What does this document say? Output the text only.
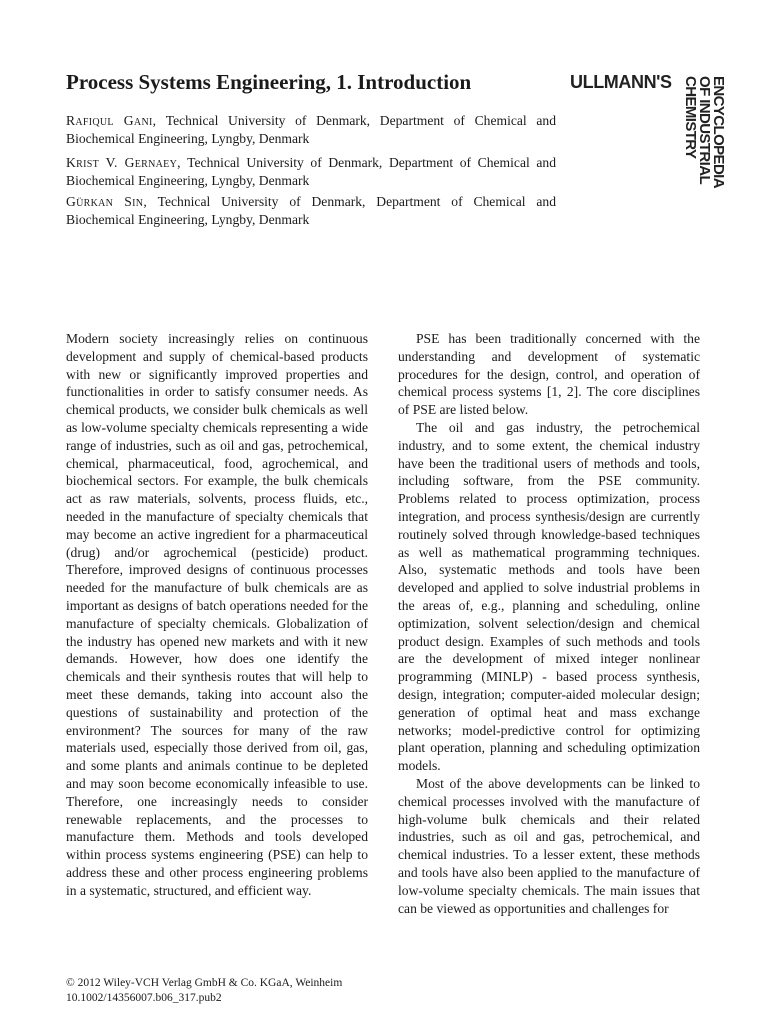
Process Systems Engineering, 1. Introduction	ULLMANN'S	ENCYCLOPEDIA
OF INDUSTRIAL
CHEMISTRY

Rafiqul Gani, Technical University of Denmark, Department of Chemical and Biochemical Engineering, Lyngby, Denmark

Krist V. Gernaey, Technical University of Denmark, Department of Chemical and Biochemical Engineering, Lyngby, Denmark

Gürkan Sin, Technical University of Denmark, Department of Chemical and Biochemical Engineering, Lyngby, Denmark

Modern society increasingly relies on continuous development and supply of chemical-based products with new or significantly improved properties and functionalities in order to satisfy consumer needs. As chemical products, we consider bulk chemicals as well as low-volume specialty chemicals representing a wide range of industries, such as oil and gas, petrochemical, chemical, pharmaceutical, food, agrochemical, and biochemical sectors. For example, the bulk chemicals act as raw materials, solvents, process fluids, etc., needed in the manufacture of specialty chemicals that may become an active ingredient for a pharmaceutical (drug) and/or agrochemical (pesticide) product. Therefore, improved designs of continuous processes needed for the manufacture of bulk chemicals are as important as designs of batch operations needed for the manufacture of specialty chemicals. Globalization of the industry has opened new markets and with it new demands. However, how does one identify the chemicals and their synthesis routes that will help to meet these demands, taking into account also the questions of sustainability and protection of the environment? The sources for many of the raw materials used, especially those derived from oil, gas, and some plants and animals continue to be depleted and may soon become economically infeasible to use. Therefore, one increasingly needs to consider renewable replacements, and the processes to manufacture them. Methods and tools developed within process systems engineering (PSE) can help to address these and other process engineering problems in a systematic, structured, and efficient way.

PSE has been traditionally concerned with the understanding and development of systematic procedures for the design, control, and operation of chemical process systems [1, 2]. The core disciplines of PSE are listed below.

The oil and gas industry, the petrochemical industry, and to some extent, the chemical industry have been the traditional users of methods and tools, including software, from the PSE community. Problems related to process optimization, process integration, and process synthesis/design are currently routinely solved through knowledge-based techniques as well as mathematical programming techniques. Also, systematic methods and tools have been developed and applied to solve industrial problems in the areas of, e.g., planning and scheduling, online optimization, solvent selection/design and chemical product design. Examples of such methods and tools are the development of mixed integer nonlinear programming (MINLP) - based process synthesis, design, integration; computer-aided molecular design; generation of optimal heat and mass exchange networks; model-predictive control for optimizing plant operation, planning and scheduling optimization models.

Most of the above developments can be linked to chemical processes involved with the manufacture of high-volume bulk chemicals and their related industries, such as oil and gas, petrochemical, and chemical industries. To a lesser extent, these methods and tools have also been applied to the manufacture of low-volume specialty chemicals. The main issues that can be viewed as opportunities and challenges for

© 2012 Wiley-VCH Verlag GmbH & Co. KGaA, Weinheim
10.1002/14356007.b06_317.pub2
